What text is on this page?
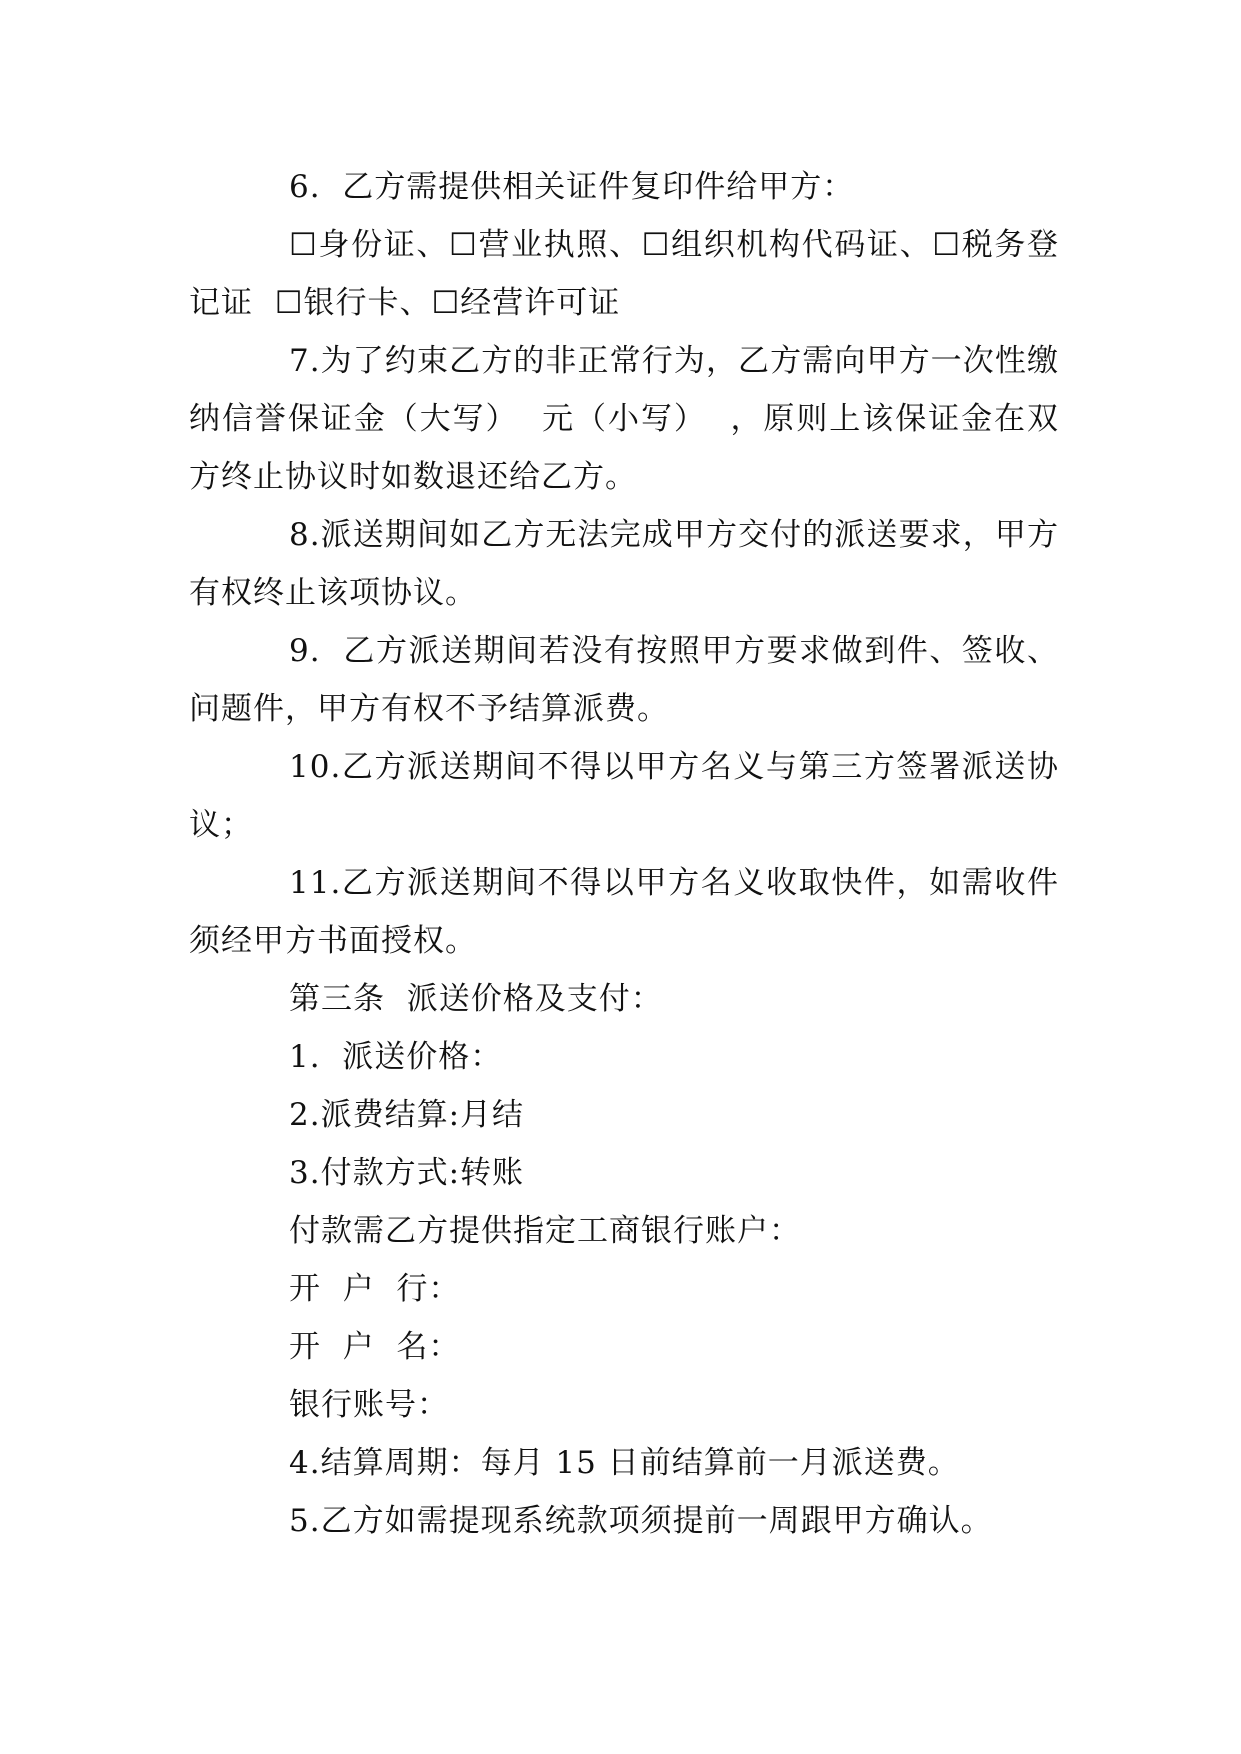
6.  乙方需提供相关证件复印件给甲方：

☐身份证、☐营业执照、☐组织机构代码证、☐税务登记证  ☐银行卡、☐经营许可证

7.为了约束乙方的非正常行为，乙方需向甲方一次性缴纳信誉保证金（大写）  元（小写）  ，原则上该保证金在双方终止协议时如数退还给乙方。

8.派送期间如乙方无法完成甲方交付的派送要求，甲方有权终止该项协议。

9.  乙方派送期间若没有按照甲方要求做到件、签收、问题件，甲方有权不予结算派费。

10.乙方派送期间不得以甲方名义与第三方签署派送协议；

11.乙方派送期间不得以甲方名义收取快件，如需收件须经甲方书面授权。

第三条  派送价格及支付：

1.  派送价格：

2.派费结算:月结

3.付款方式:转账

付款需乙方提供指定工商银行账户：

开  户  行：

开  户  名：

银行账号：

4.结算周期：每月 15 日前结算前一月派送费。

5.乙方如需提现系统款项须提前一周跟甲方确认。
